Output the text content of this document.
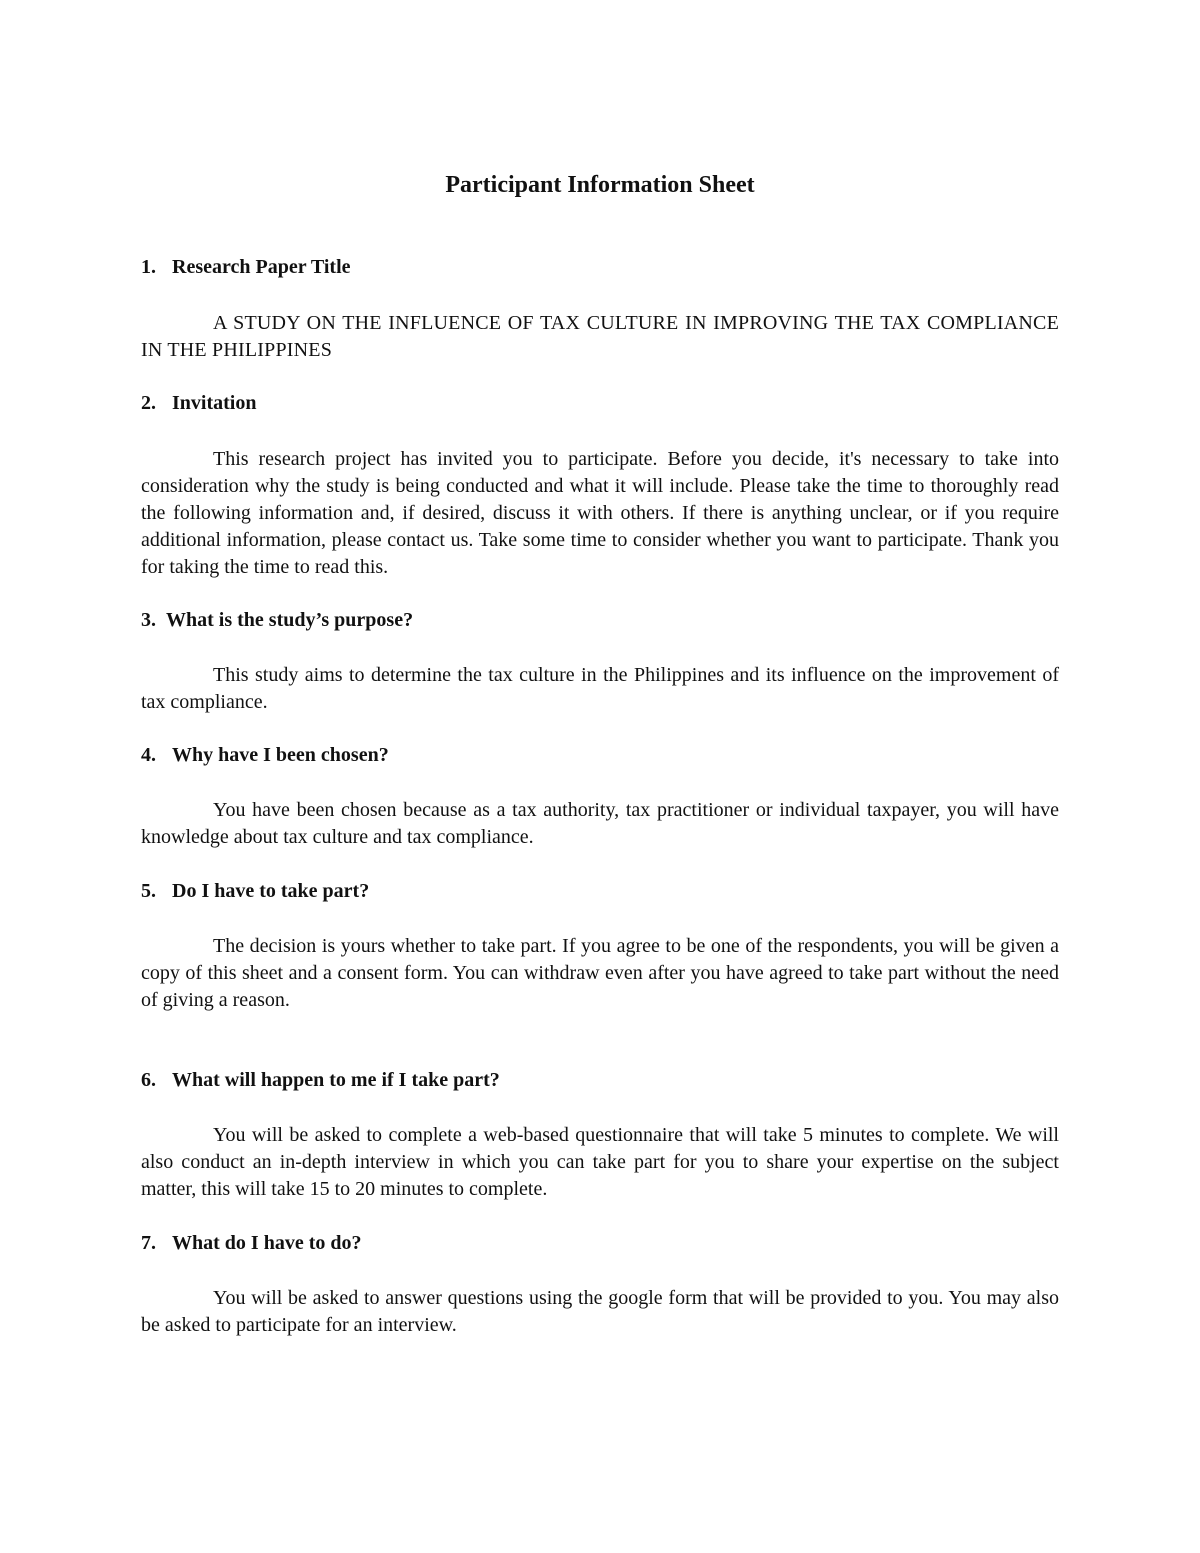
Participant Information Sheet
1. Research Paper Title

A STUDY ON THE INFLUENCE OF TAX CULTURE IN IMPROVING THE TAX COMPLIANCE IN THE PHILIPPINES

2. Invitation

This research project has invited you to participate. Before you decide, it's necessary to take into consideration why the study is being conducted and what it will include. Please take the time to thoroughly read the following information and, if desired, discuss it with others. If there is anything unclear, or if you require additional information, please contact us. Take some time to consider whether you want to participate. Thank you for taking the time to read this.

3. What is the study’s purpose?

This study aims to determine the tax culture in the Philippines and its influence on the improvement of tax compliance.

4. Why have I been chosen?

You have been chosen because as a tax authority, tax practitioner or individual taxpayer, you will have knowledge about tax culture and tax compliance.

5. Do I have to take part?

The decision is yours whether to take part. If you agree to be one of the respondents, you will be given a copy of this sheet and a consent form. You can withdraw even after you have agreed to take part without the need of giving a reason.

6. What will happen to me if I take part?

You will be asked to complete a web-based questionnaire that will take 5 minutes to complete. We will also conduct an in-depth interview in which you can take part for you to share your expertise on the subject matter, this will take 15 to 20 minutes to complete.

7. What do I have to do?

You will be asked to answer questions using the google form that will be provided to you. You may also be asked to participate for an interview.
